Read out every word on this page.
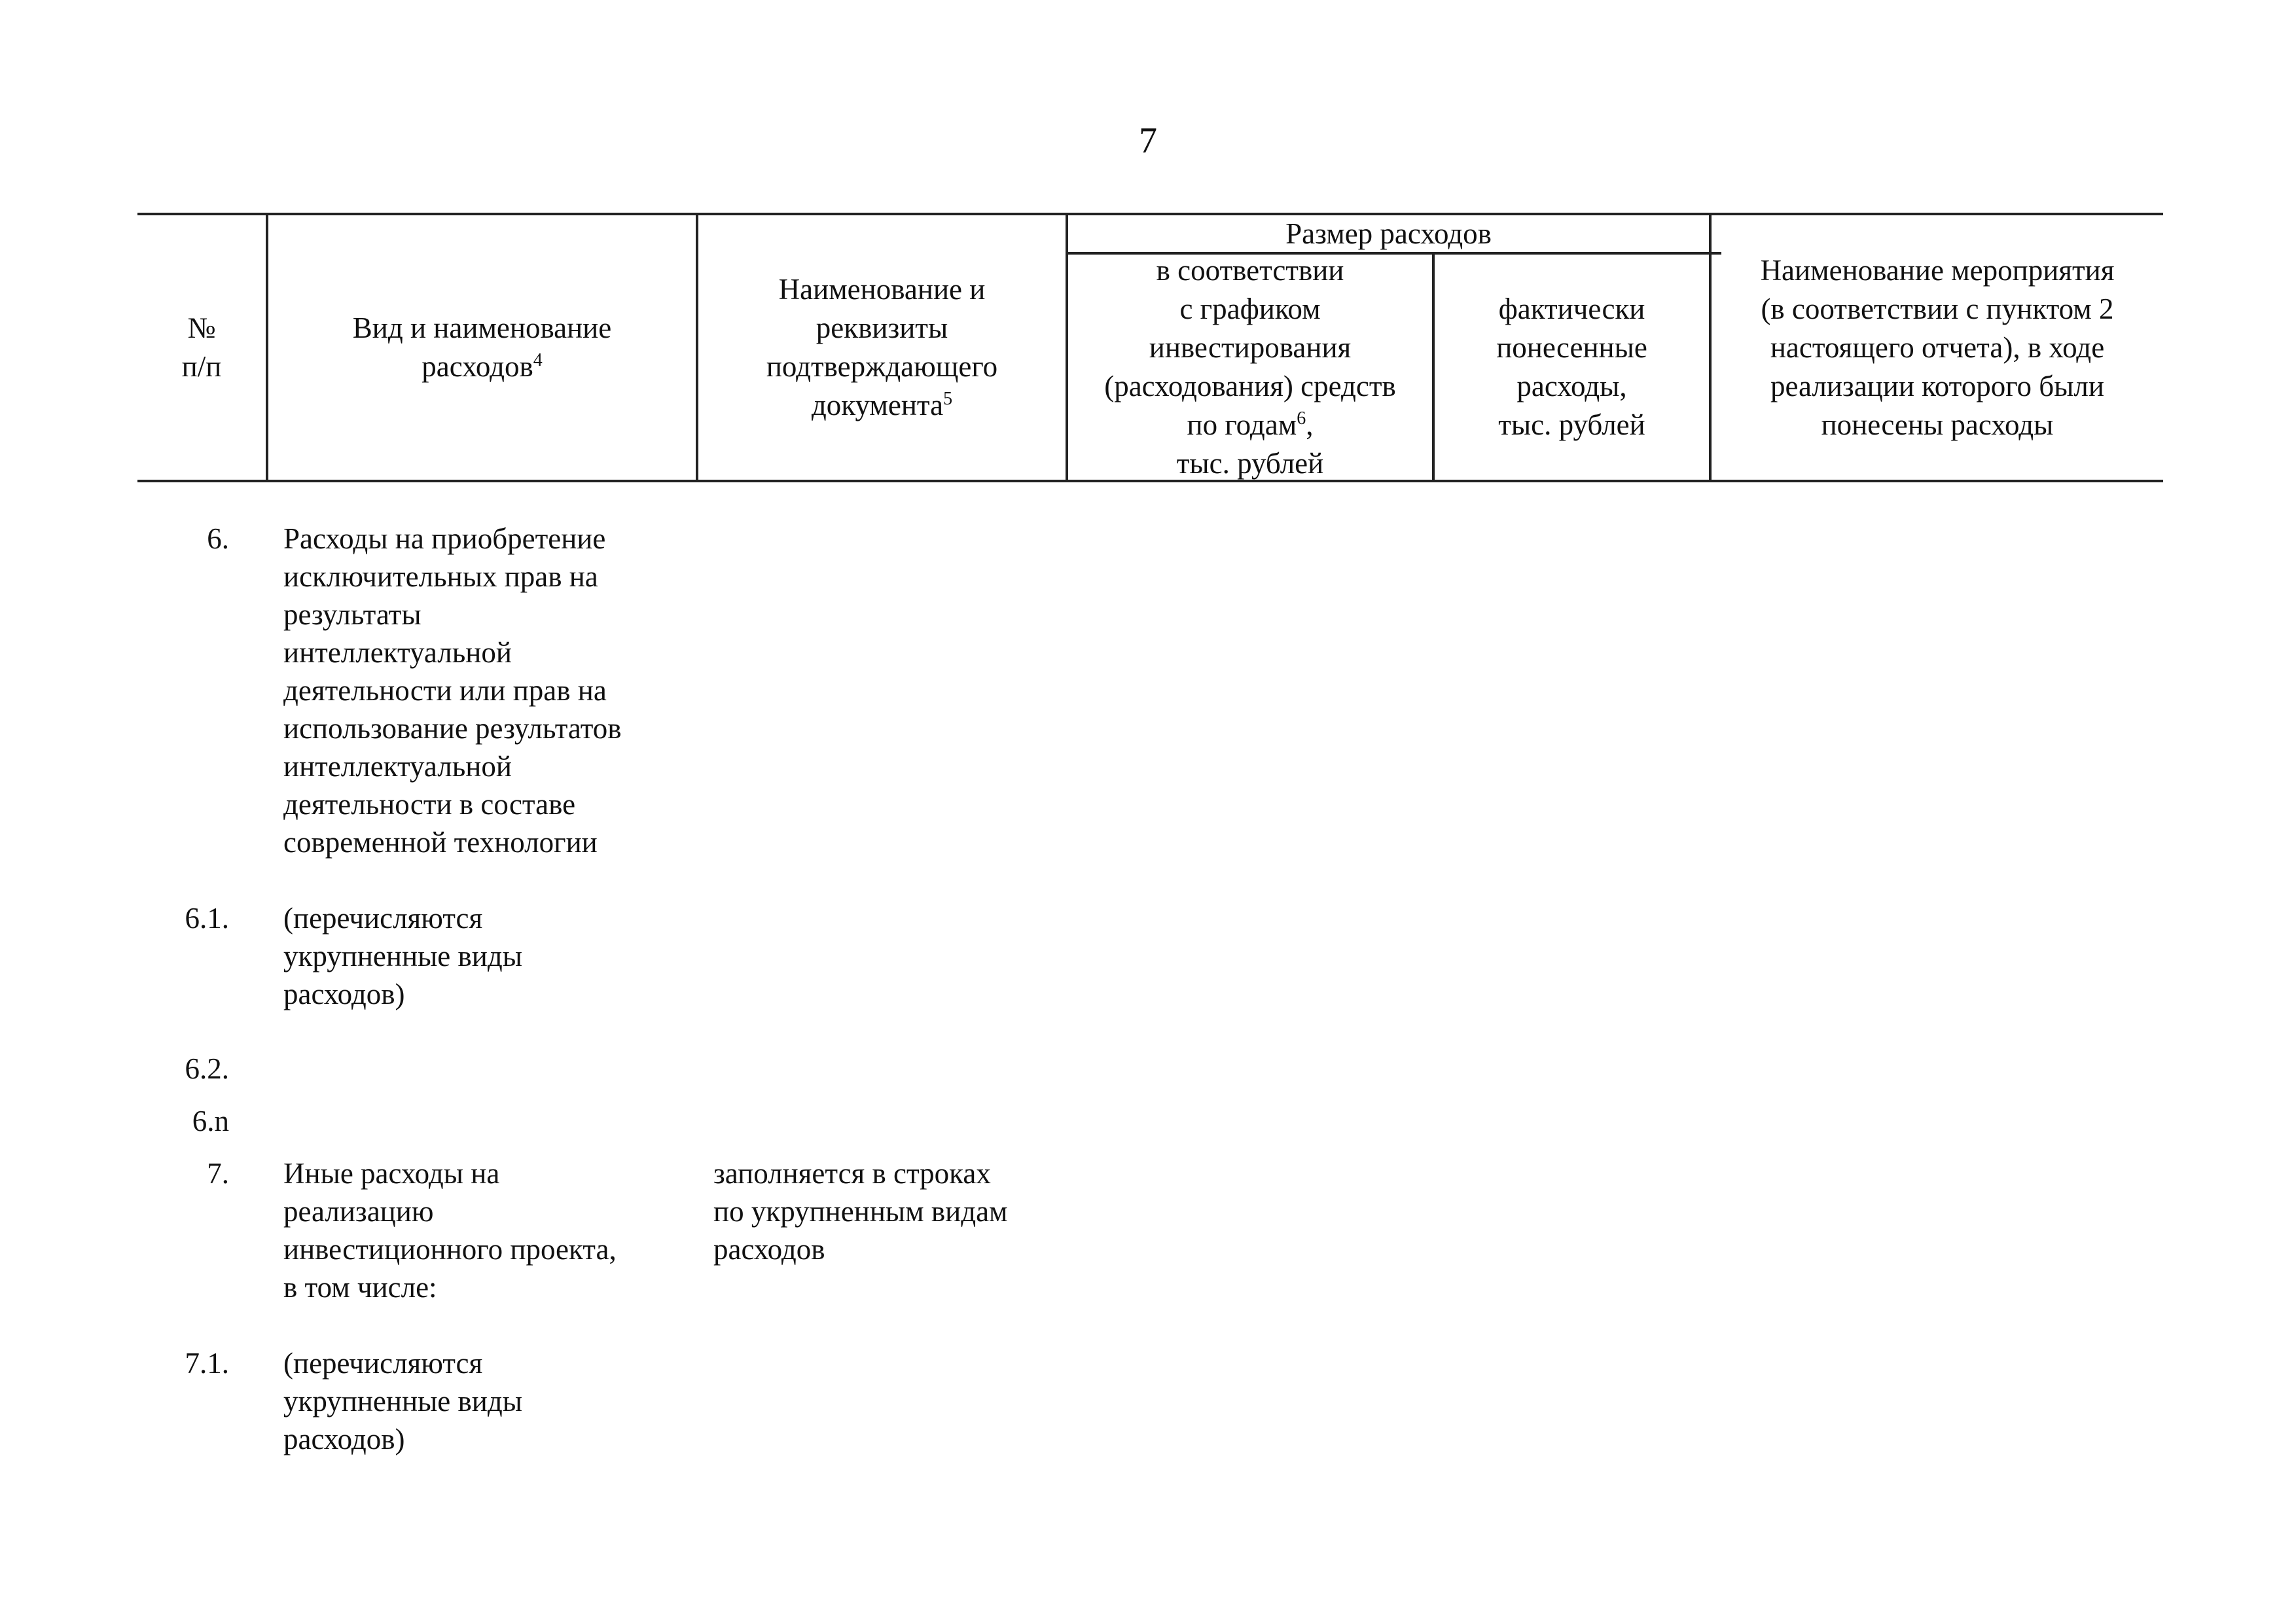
7
№
п/п
Вид и наименование
расходов$^4$
Наименование и
реквизиты
подтверждающего
документа$^5$
Размер расходов
в соответствии
с графиком
инвестирования
(расходования) средств
по годам$^6$,
тыс. рублей
фактически
понесенные
расходы,
тыс. рублей
Наименование мероприятия
(в соответствии с пунктом 2
настоящего отчета), в ходе
реализации которого были
понесены расходы
6. Расходы на приобретение
исключительных прав на
результаты
интеллектуальной
деятельности или прав на
использование результатов
интеллектуальной
деятельности в составе
современной технологии
6.1. (перечисляются
укрупненные виды
расходов)
6.2.
6.n
7. Иные расходы на
реализацию
инвестиционного проекта,
в том числе:
заполняется в строках
по укрупненным видам
расходов
7.1. (перечисляются
укрупненные виды
расходов)
